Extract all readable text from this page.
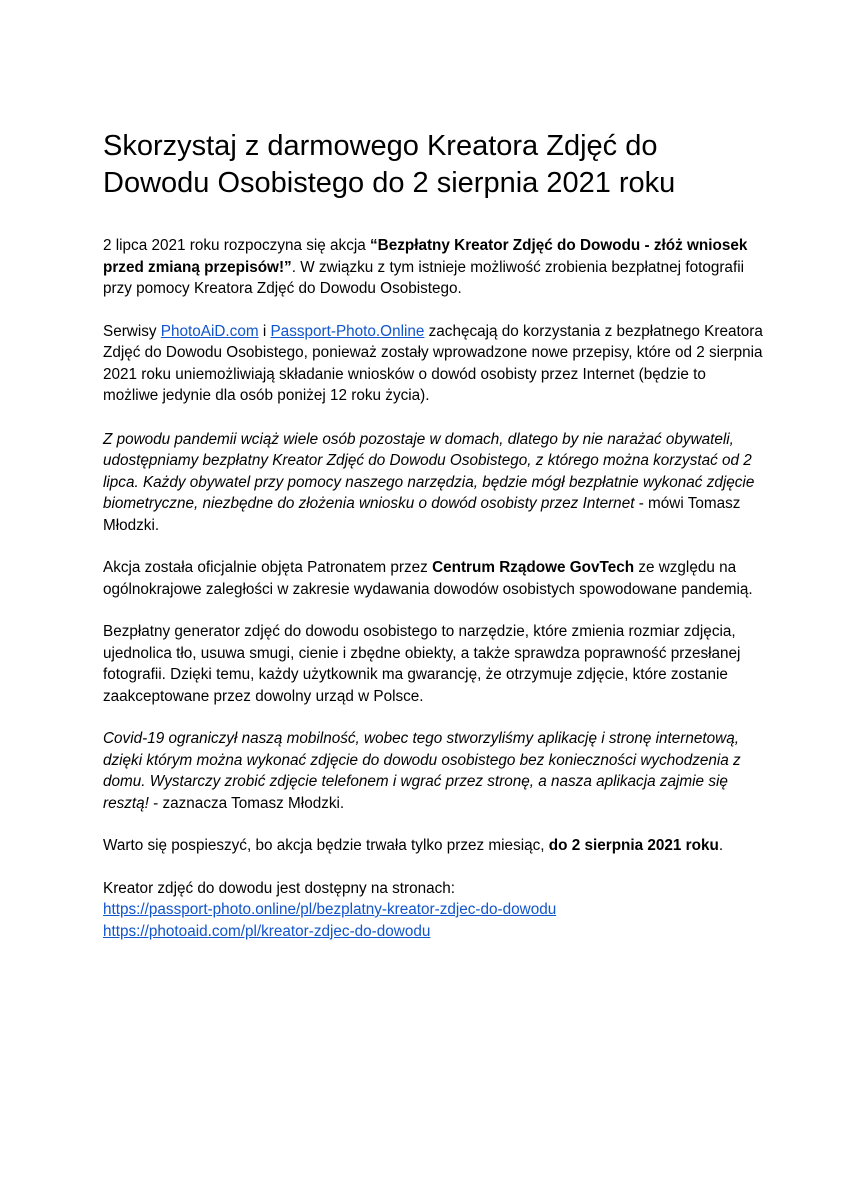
Skorzystaj z darmowego Kreatora Zdjęć do Dowodu Osobistego do 2 sierpnia 2021 roku

2 lipca 2021 roku rozpoczyna się akcja “Bezpłatny Kreator Zdjęć do Dowodu - złóż wniosek przed zmianą przepisów!”. W związku z tym istnieje możliwość zrobienia bezpłatnej fotografii przy pomocy Kreatora Zdjęć do Dowodu Osobistego.

Serwisy PhotoAiD.com i Passport-Photo.Online zachęcają do korzystania z bezpłatnego Kreatora Zdjęć do Dowodu Osobistego, ponieważ zostały wprowadzone nowe przepisy, które od 2 sierpnia 2021 roku uniemożliwiają składanie wniosków o dowód osobisty przez Internet (będzie to możliwe jedynie dla osób poniżej 12 roku życia).

Z powodu pandemii wciąż wiele osób pozostaje w domach, dlatego by nie narażać obywateli, udostępniamy bezpłatny Kreator Zdjęć do Dowodu Osobistego, z którego można korzystać od 2 lipca. Każdy obywatel przy pomocy naszego narzędzia, będzie mógł bezpłatnie wykonać zdjęcie biometryczne, niezbędne do złożenia wniosku o dowód osobisty przez Internet - mówi Tomasz Młodzki.

Akcja została oficjalnie objęta Patronatem przez Centrum Rządowe GovTech ze względu na ogólnokrajowe zaległości w zakresie wydawania dowodów osobistych spowodowane pandemią.

Bezpłatny generator zdjęć do dowodu osobistego to narzędzie, które zmienia rozmiar zdjęcia, ujednolica tło, usuwa smugi, cienie i zbędne obiekty, a także sprawdza poprawność przesłanej fotografii. Dzięki temu, każdy użytkownik ma gwarancję, że otrzymuje zdjęcie, które zostanie zaakceptowane przez dowolny urząd w Polsce.

Covid-19 ograniczył naszą mobilność, wobec tego stworzyliśmy aplikację i stronę internetową, dzięki którym można wykonać zdjęcie do dowodu osobistego bez konieczności wychodzenia z domu. Wystarczy zrobić zdjęcie telefonem i wgrać przez stronę, a nasza aplikacja zajmie się resztą! - zaznacza Tomasz Młodzki.

Warto się pospieszyć, bo akcja będzie trwała tylko przez miesiąc, do 2 sierpnia 2021 roku.

Kreator zdjęć do dowodu jest dostępny na stronach:
https://passport-photo.online/pl/bezplatny-kreator-zdjec-do-dowodu
https://photoaid.com/pl/kreator-zdjec-do-dowodu
